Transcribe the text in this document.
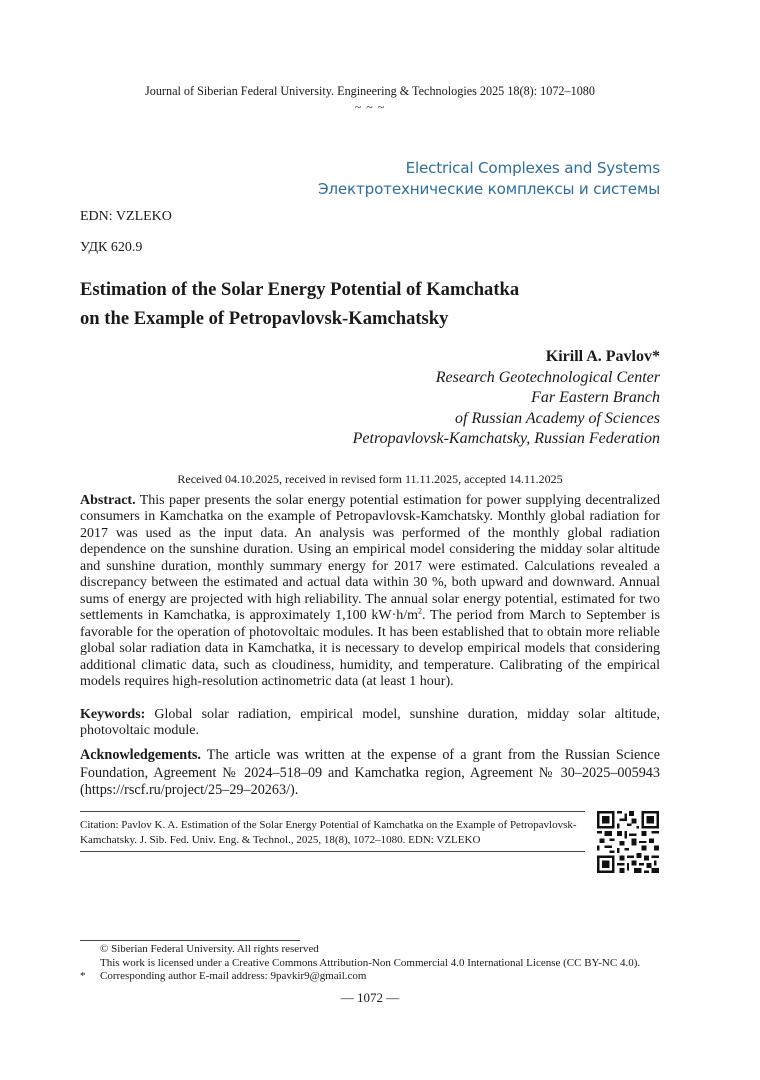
Journal of Siberian Federal University. Engineering & Technologies 2025 18(8): 1072–1080
~ ~ ~
Electrical Complexes and Systems
Электротехнические комплексы и системы
EDN: VZLEKO
УДК 620.9
Estimation of the Solar Energy Potential of Kamchatka
on the Example of Petropavlovsk-Kamchatsky
Kirill A. Pavlov*
Research Geotechnological Center
Far Eastern Branch
of Russian Academy of Sciences
Petropavlovsk-Kamchatsky, Russian Federation
Received 04.10.2025, received in revised form 11.11.2025, accepted 14.11.2025
Abstract. This paper presents the solar energy potential estimation for power supplying decentralized consumers in Kamchatka on the example of Petropavlovsk-Kamchatsky. Monthly global radiation for 2017 was used as the input data. An analysis was performed of the monthly global radiation dependence on the sunshine duration. Using an empirical model considering the midday solar altitude and sunshine duration, monthly summary energy for 2017 were estimated. Calculations revealed a discrepancy between the estimated and actual data within 30 %, both upward and downward. Annual sums of energy are projected with high reliability. The annual solar energy potential, estimated for two settlements in Kamchatka, is approximately 1,100 $kW\cdot h/m^2$. The period from March to September is favorable for the operation of photovoltaic modules. It has been established that to obtain more reliable global solar radiation data in Kamchatka, it is necessary to develop empirical models that considering additional climatic data, such as cloudiness, humidity, and temperature. Calibrating of the empirical models requires high-resolution actinometric data (at least 1 hour).
Keywords: Global solar radiation, empirical model, sunshine duration, midday solar altitude, photovoltaic module.
Acknowledgements. The article was written at the expense of a grant from the Russian Science Foundation, Agreement № 2024–518–09 and Kamchatka region, Agreement № 30–2025–005943 (https://rscf.ru/project/25–29–20263/).
Citation: Pavlov K. A. Estimation of the Solar Energy Potential of Kamchatka on the Example of Petropavlovsk-Kamchatsky. J. Sib. Fed. Univ. Eng. & Technol., 2025, 18(8), 1072–1080. EDN: VZLEKO
© Siberian Federal University. All rights reserved
This work is licensed under a Creative Commons Attribution-Non Commercial 4.0 International License (CC BY-NC 4.0).
* Corresponding author E-mail address: 9pavkir9@gmail.com
— 1072 —
